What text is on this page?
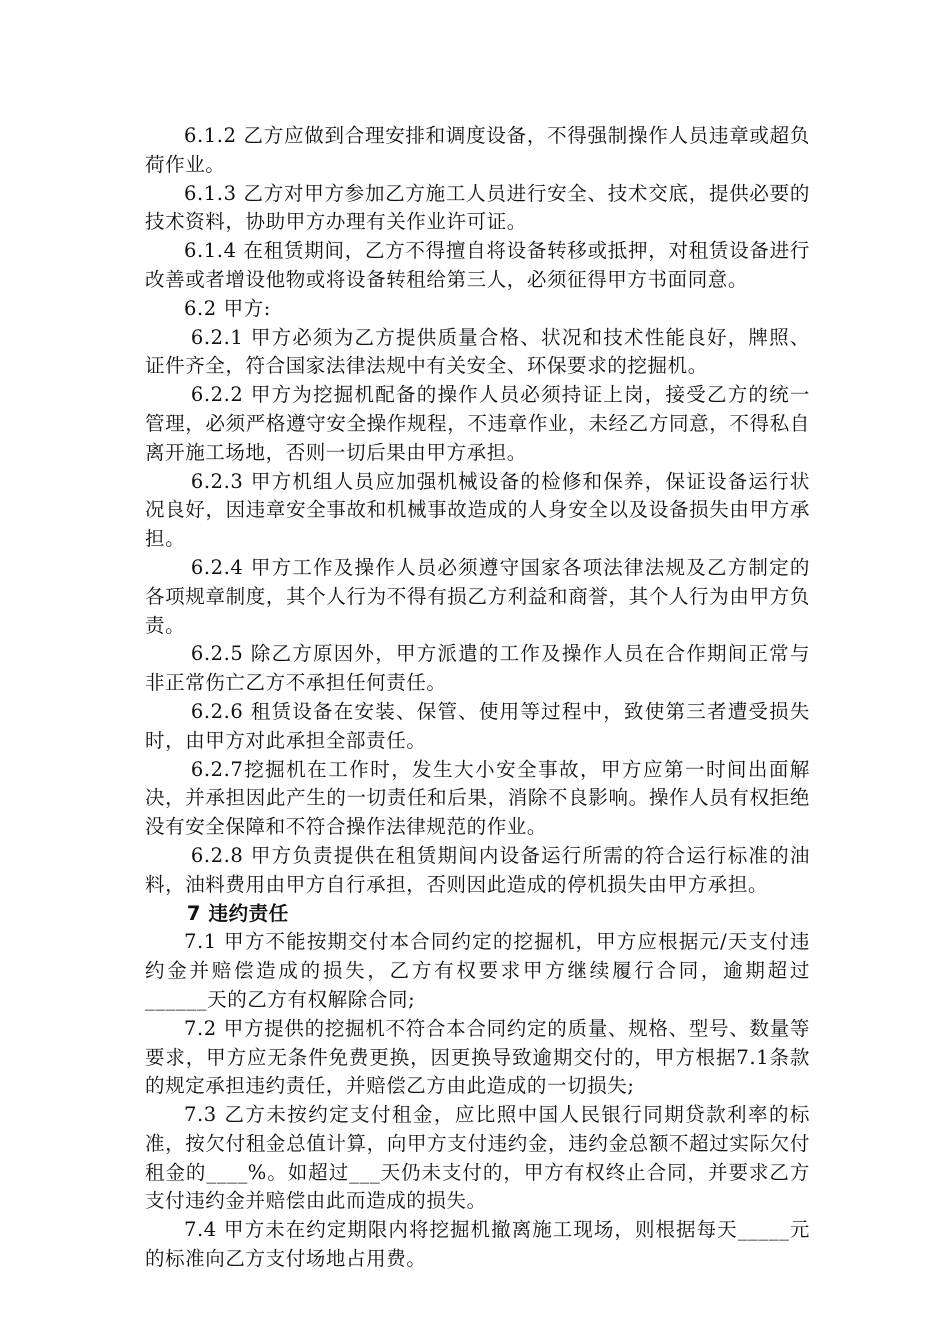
6.1.2 乙方应做到合理安排和调度设备，不得强制操作人员违章或超负荷作业。

6.1.3 乙方对甲方参加乙方施工人员进行安全、技术交底，提供必要的技术资料，协助甲方办理有关作业许可证。

6.1.4 在租赁期间，乙方不得擅自将设备转移或抵押，对租赁设备进行改善或者增设他物或将设备转租给第三人，必须征得甲方书面同意。

6.2 甲方:

6.2.1 甲方必须为乙方提供质量合格、状况和技术性能良好，牌照、证件齐全，符合国家法律法规中有关安全、环保要求的挖掘机。

6.2.2 甲方为挖掘机配备的操作人员必须持证上岗，接受乙方的统一管理，必须严格遵守安全操作规程，不违章作业，未经乙方同意，不得私自离开施工场地，否则一切后果由甲方承担。

6.2.3 甲方机组人员应加强机械设备的检修和保养，保证设备运行状况良好，因违章安全事故和机械事故造成的人身安全以及设备损失由甲方承担。

6.2.4 甲方工作及操作人员必须遵守国家各项法律法规及乙方制定的各项规章制度，其个人行为不得有损乙方利益和商誉，其个人行为由甲方负责。

6.2.5 除乙方原因外，甲方派遣的工作及操作人员在合作期间正常与非正常伤亡乙方不承担任何责任。

6.2.6 租赁设备在安装、保管、使用等过程中，致使第三者遭受损失时，由甲方对此承担全部责任。

6.2.7挖掘机在工作时，发生大小安全事故，甲方应第一时间出面解决，并承担因此产生的一切责任和后果，消除不良影响。操作人员有权拒绝没有安全保障和不符合操作法律规范的作业。

6.2.8 甲方负责提供在租赁期间内设备运行所需的符合运行标准的油料，油料费用由甲方自行承担，否则因此造成的停机损失由甲方承担。

7 违约责任

7.1 甲方不能按期交付本合同约定的挖掘机，甲方应根据元/天支付违约金并赔偿造成的损失，乙方有权要求甲方继续履行合同，逾期超过______天的乙方有权解除合同;

7.2 甲方提供的挖掘机不符合本合同约定的质量、规格、型号、数量等要求，甲方应无条件免费更换，因更换导致逾期交付的，甲方根据7.1条款的规定承担违约责任，并赔偿乙方由此造成的一切损失;

7.3 乙方未按约定支付租金，应比照中国人民银行同期贷款利率的标准，按欠付租金总值计算，向甲方支付违约金，违约金总额不超过实际欠付租金的____%。如超过___天仍未支付的，甲方有权终止合同，并要求乙方支付违约金并赔偿由此而造成的损失。

7.4 甲方未在约定期限内将挖掘机撤离施工现场，则根据每天_____元的标准向乙方支付场地占用费。
